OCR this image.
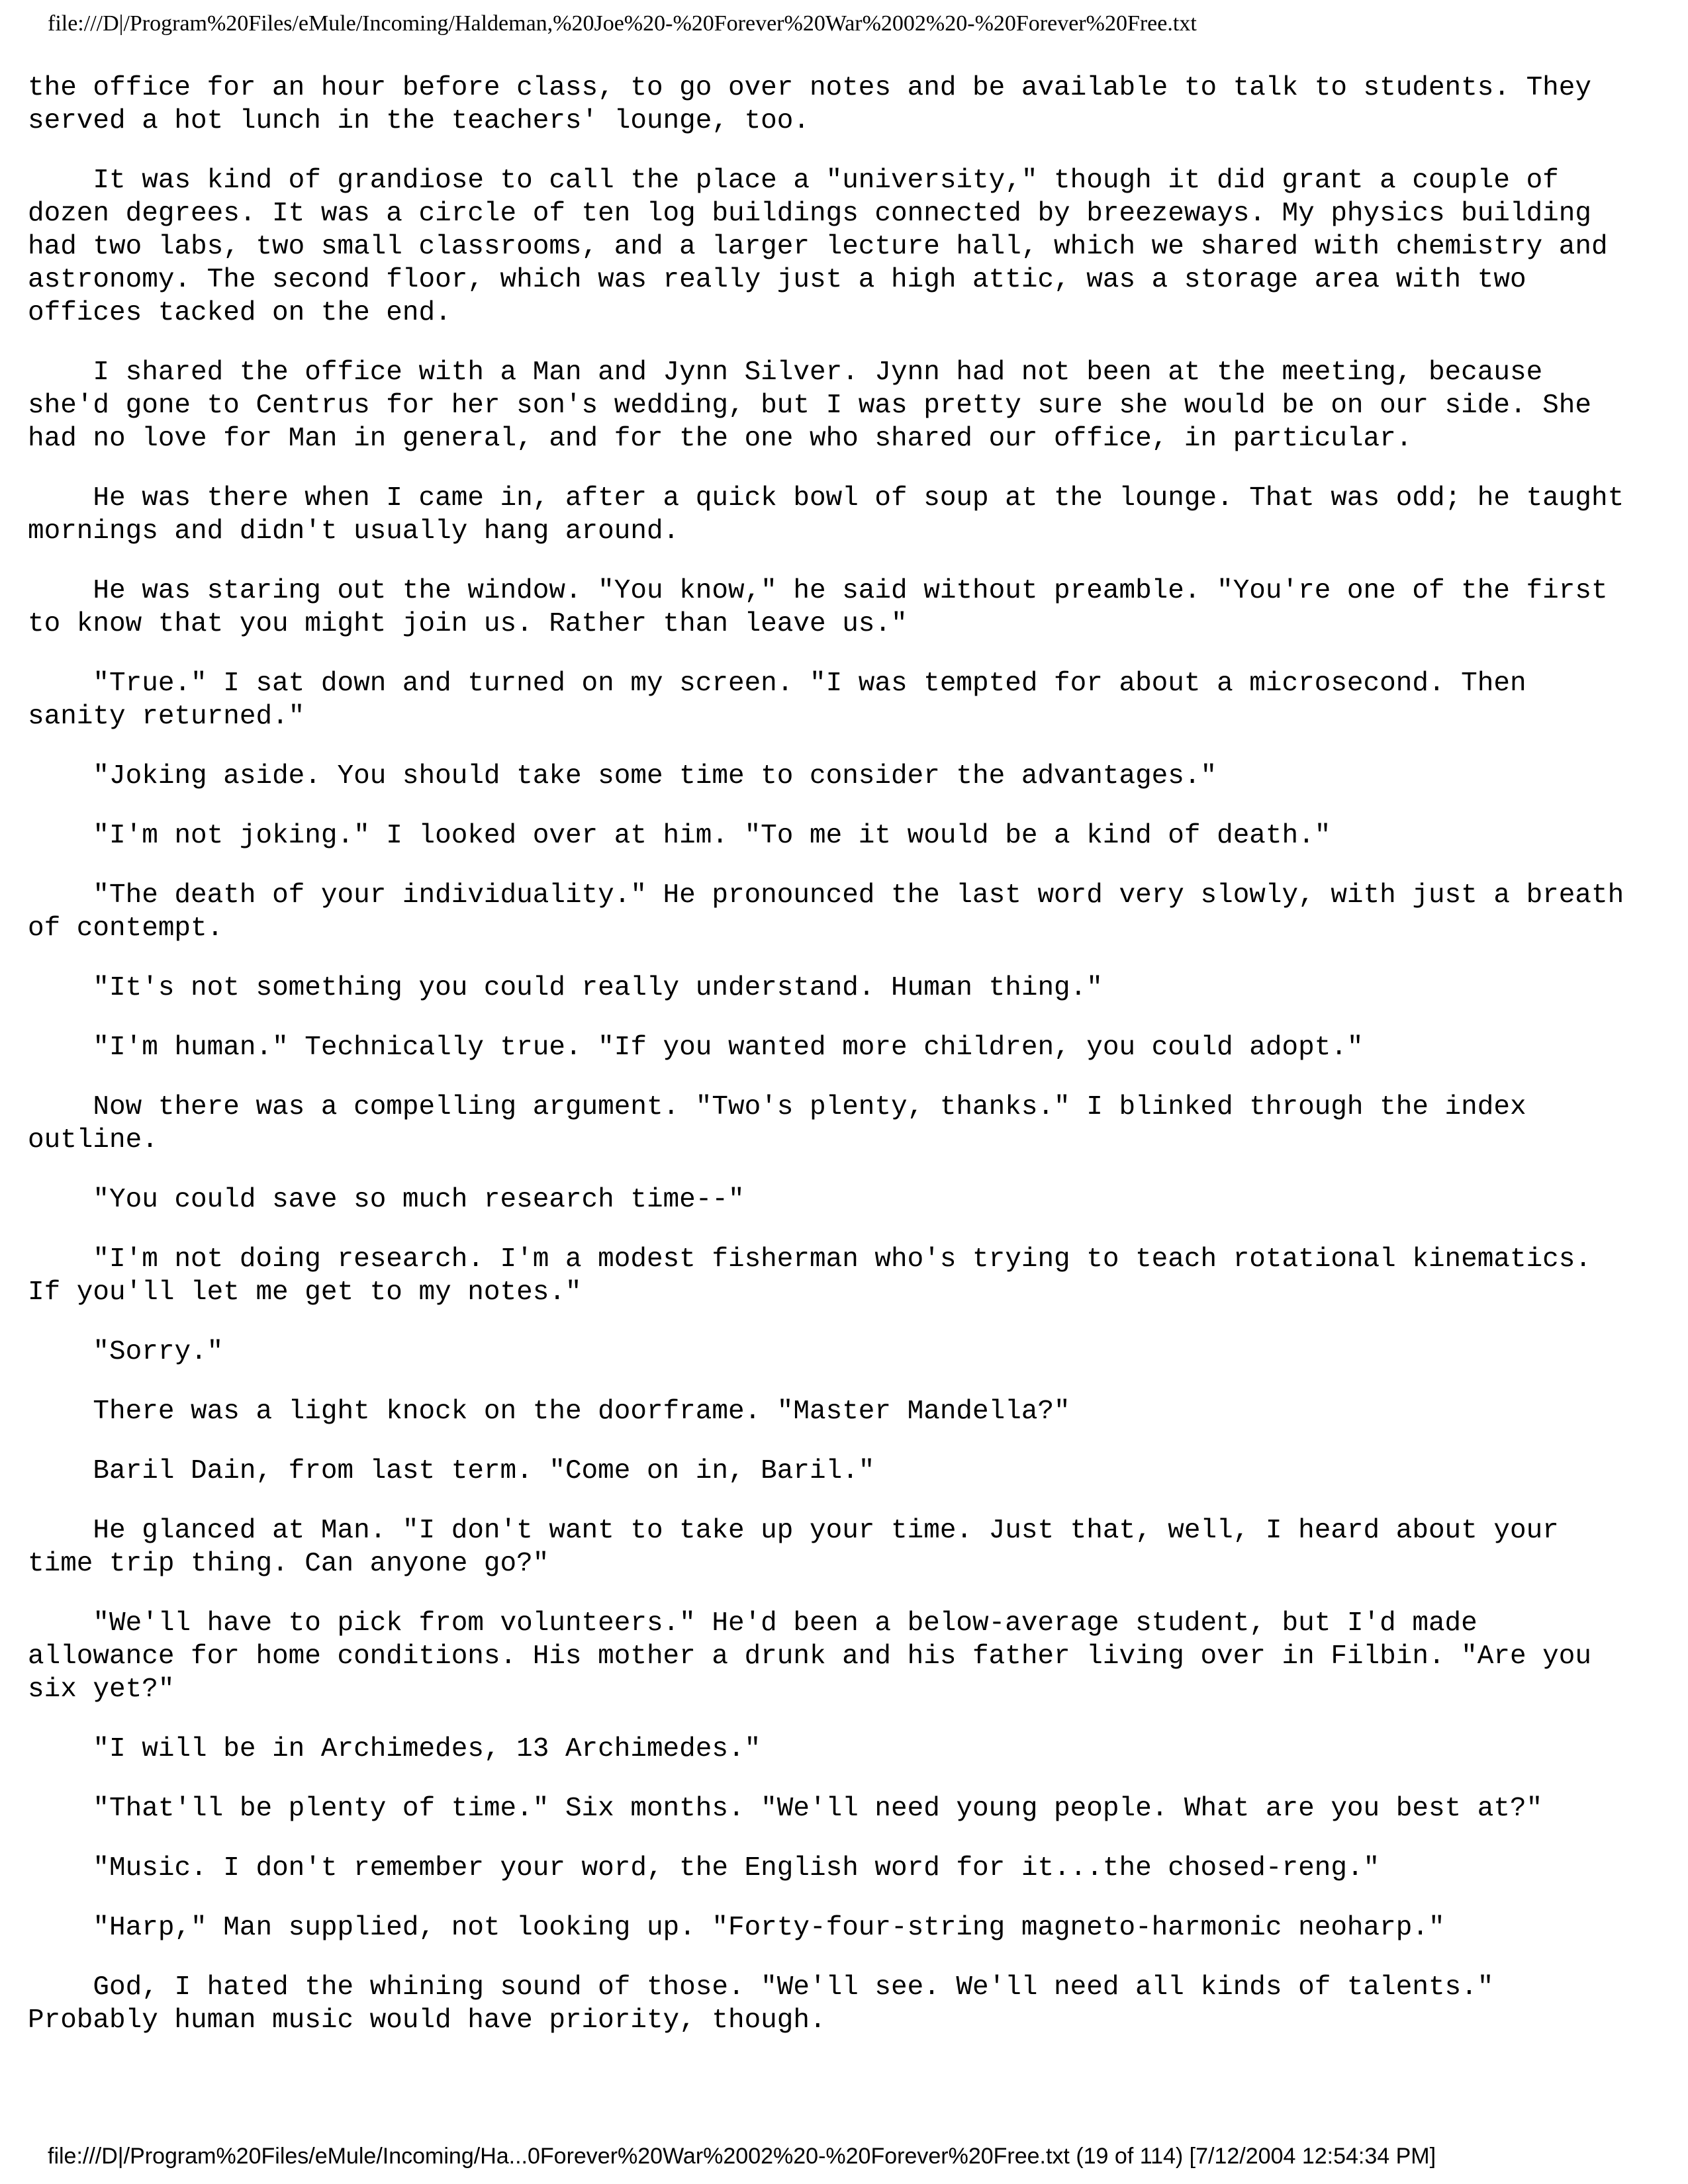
file:///D|/Program%20Files/eMule/Incoming/Haldeman,%20Joe%20-%20Forever%20War%2002%20-%20Forever%20Free.txt

the office for an hour before class, to go over notes and be available to talk to students. They
served a hot lunch in the teachers' lounge, too.

It was kind of grandiose to call the place a "university," though it did grant a couple of
dozen degrees. It was a circle of ten log buildings connected by breezeways. My physics building
had two labs, two small classrooms, and a larger lecture hall, which we shared with chemistry and
astronomy. The second floor, which was really just a high attic, was a storage area with two
offices tacked on the end.

I shared the office with a Man and Jynn Silver. Jynn had not been at the meeting, because
she'd gone to Centrus for her son's wedding, but I was pretty sure she would be on our side. She
had no love for Man in general, and for the one who shared our office, in particular.

He was there when I came in, after a quick bowl of soup at the lounge. That was odd; he taught
mornings and didn't usually hang around.

He was staring out the window. "You know," he said without preamble. "You're one of the first
to know that you might join us. Rather than leave us."

"True." I sat down and turned on my screen. "I was tempted for about a microsecond. Then
sanity returned."

"Joking aside. You should take some time to consider the advantages."

"I'm not joking." I looked over at him. "To me it would be a kind of death."

"The death of your individuality." He pronounced the last word very slowly, with just a breath
of contempt.

"It's not something you could really understand. Human thing."

"I'm human." Technically true. "If you wanted more children, you could adopt."

Now there was a compelling argument. "Two's plenty, thanks." I blinked through the index
outline.

"You could save so much research time--"

"I'm not doing research. I'm a modest fisherman who's trying to teach rotational kinematics.
If you'll let me get to my notes."

"Sorry."

There was a light knock on the doorframe. "Master Mandella?"

Baril Dain, from last term. "Come on in, Baril."

He glanced at Man. "I don't want to take up your time. Just that, well, I heard about your
time trip thing. Can anyone go?"

"We'll have to pick from volunteers." He'd been a below-average student, but I'd made
allowance for home conditions. His mother a drunk and his father living over in Filbin. "Are you
six yet?"

"I will be in Archimedes, 13 Archimedes."

"That'll be plenty of time." Six months. "We'll need young people. What are you best at?"

"Music. I don't remember your word, the English word for it...the chosed-reng."

"Harp," Man supplied, not looking up. "Forty-four-string magneto-harmonic neoharp."

God, I hated the whining sound of those. "We'll see. We'll need all kinds of talents."
Probably human music would have priority, though.

file:///D|/Program%20Files/eMule/Incoming/Ha...0Forever%20War%2002%20-%20Forever%20Free.txt (19 of 114) [7/12/2004 12:54:34 PM]
